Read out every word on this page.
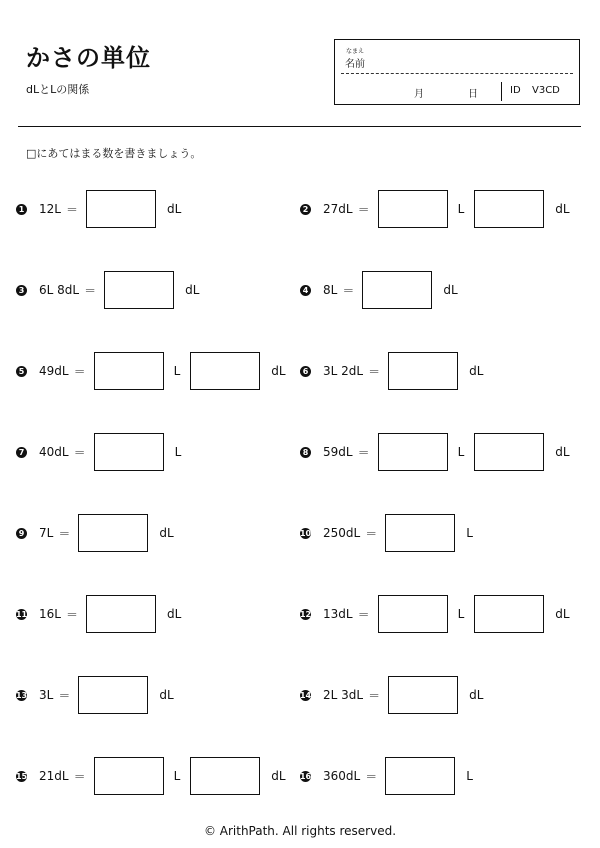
かさの単位
dLとLの関係
なまえ
名前
月	日	ID V3CD
□にあてはまる数を書きましょう。
1 12L ＝	dL	2 27dL ＝	L	dL
3 6L 8dL ＝	dL	4 8L ＝	dL
5 49dL ＝	L	dL	6 3L 2dL ＝	dL
7 40dL ＝	L	8 59dL ＝	L	dL
9 7L ＝	dL	10 250dL ＝	L
11 16L ＝	dL	12 13dL ＝	L	dL
13 3L ＝	dL	14 2L 3dL ＝	dL
15 21dL ＝	L	dL 16 360dL ＝	L
© ArithPath. All rights reserved.
